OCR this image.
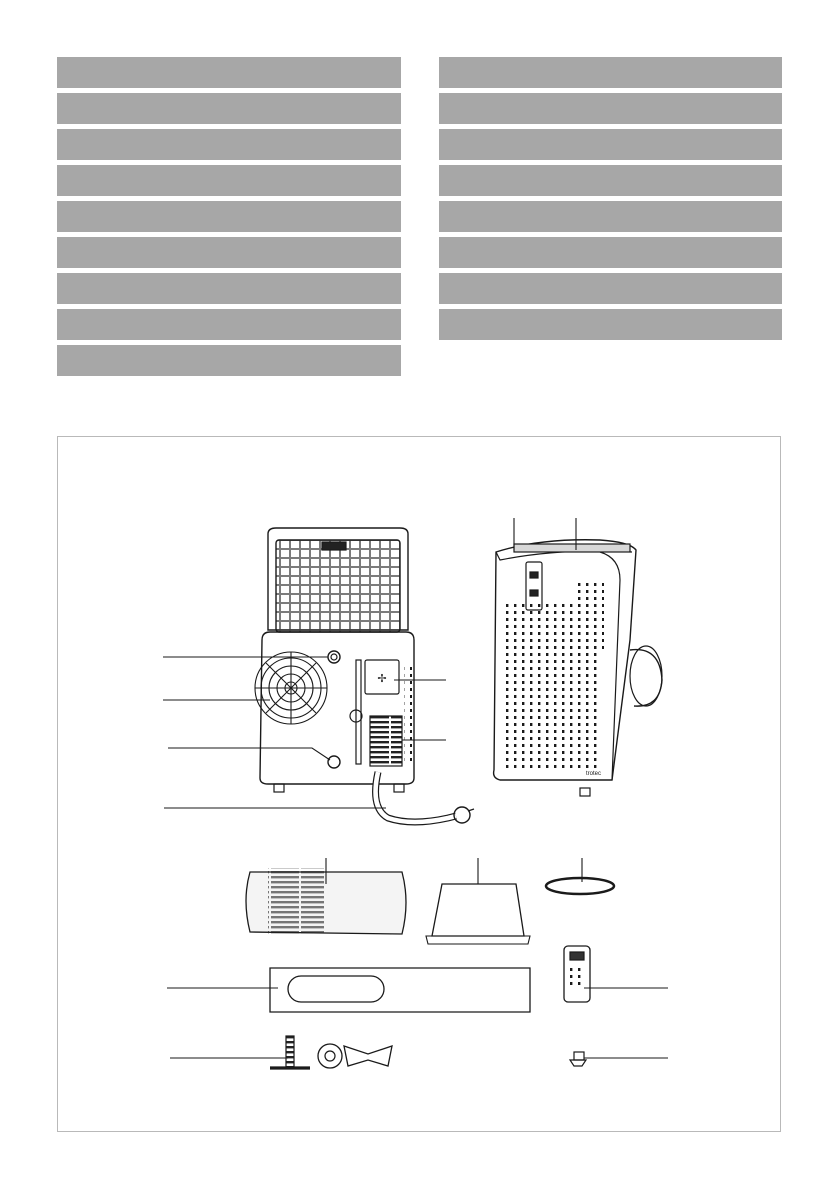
✢
trotec
